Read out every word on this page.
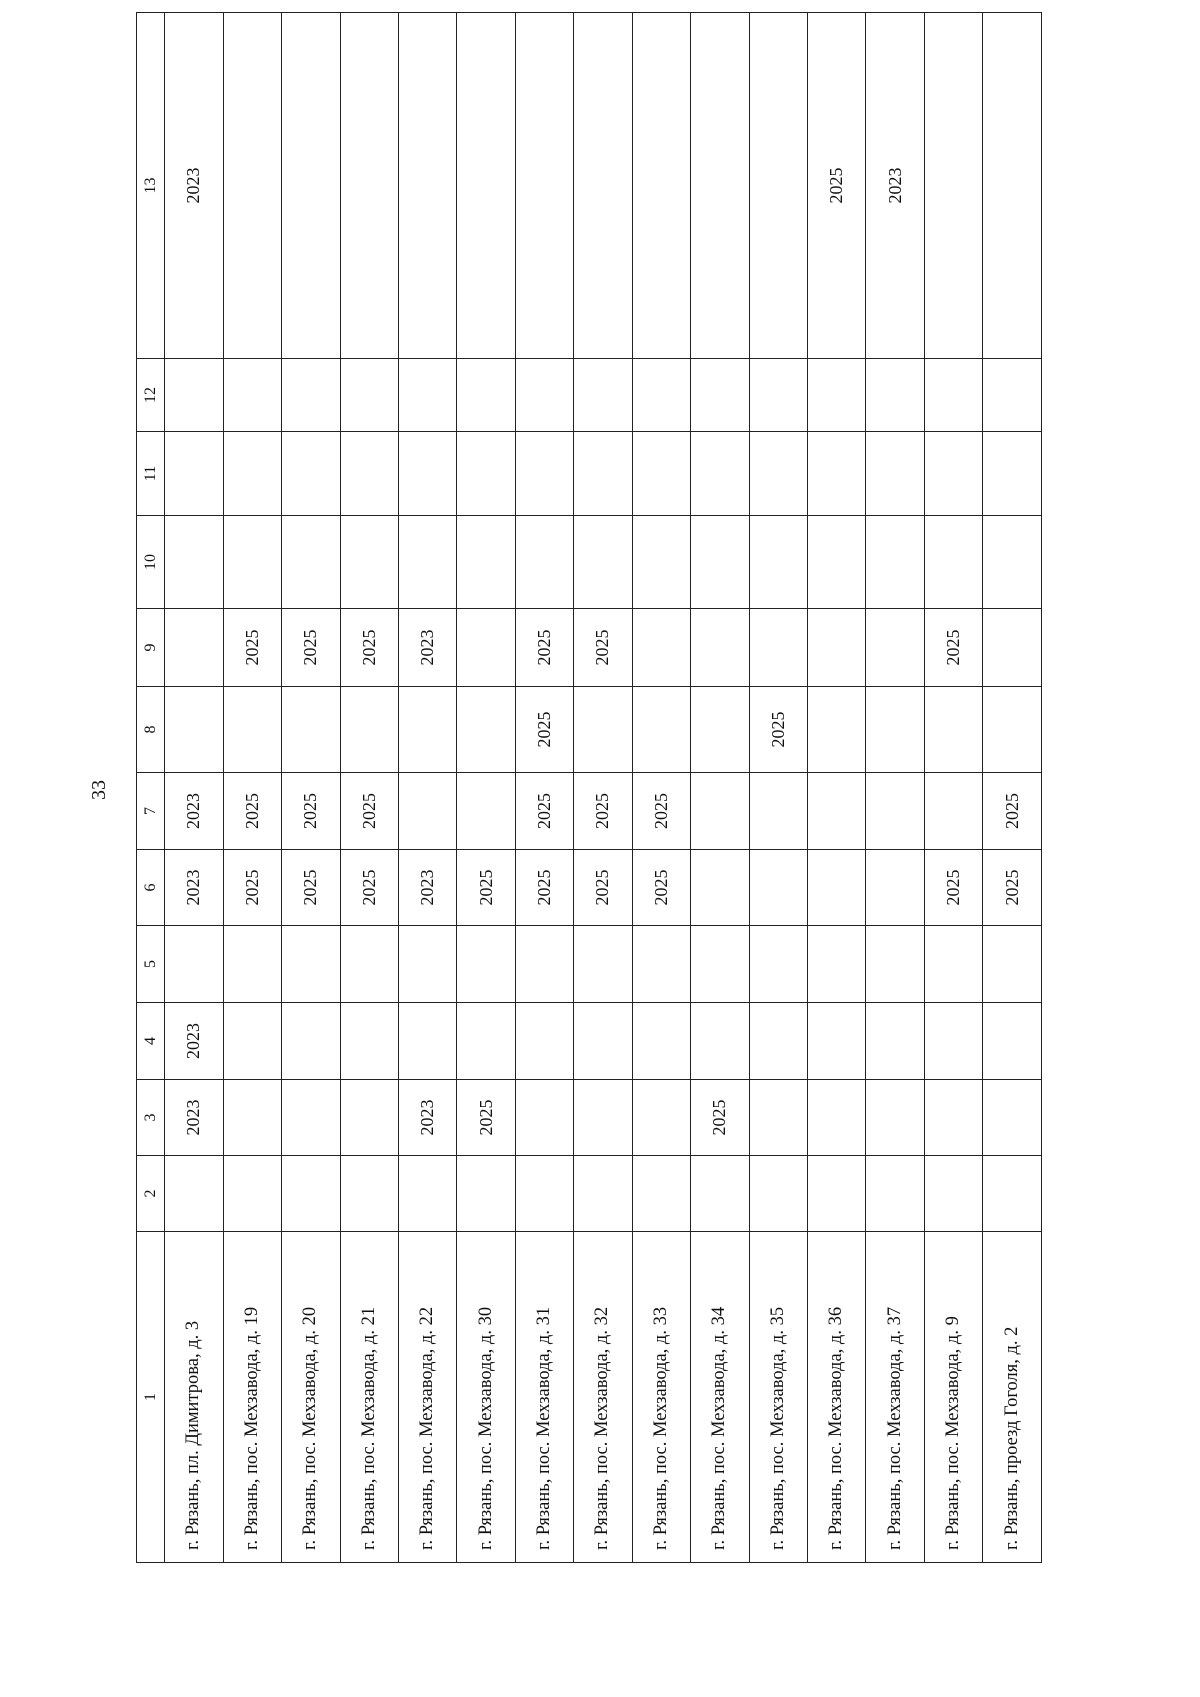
33
1	2	3	4	5	6	7	8	9	10	11	12	13
г. Рязань, пл. Димитрова, д. 3		2023	2023		2023	2023						2023
г. Рязань, пос. Мехзавода, д. 19					2025	2025		2025				
г. Рязань, пос. Мехзавода, д. 20					2025	2025		2025				
г. Рязань, пос. Мехзавода, д. 21					2025	2025		2025				
г. Рязань, пос. Мехзавода, д. 22		2023			2023			2023				
г. Рязань, пос. Мехзавода, д. 30		2025			2025							
г. Рязань, пос. Мехзавода, д. 31					2025	2025	2025	2025				
г. Рязань, пос. Мехзавода, д. 32					2025	2025		2025				
г. Рязань, пос. Мехзавода, д. 33					2025	2025						
г. Рязань, пос. Мехзавода, д. 34		2025										
г. Рязань, пос. Мехзавода, д. 35							2025					
г. Рязань, пос. Мехзавода, д. 36												2025
г. Рязань, пос. Мехзавода, д. 37												2023
г. Рязань, пос. Мехзавода, д. 9					2025			2025				
г. Рязань, проезд Гоголя, д. 2					2025	2025						
